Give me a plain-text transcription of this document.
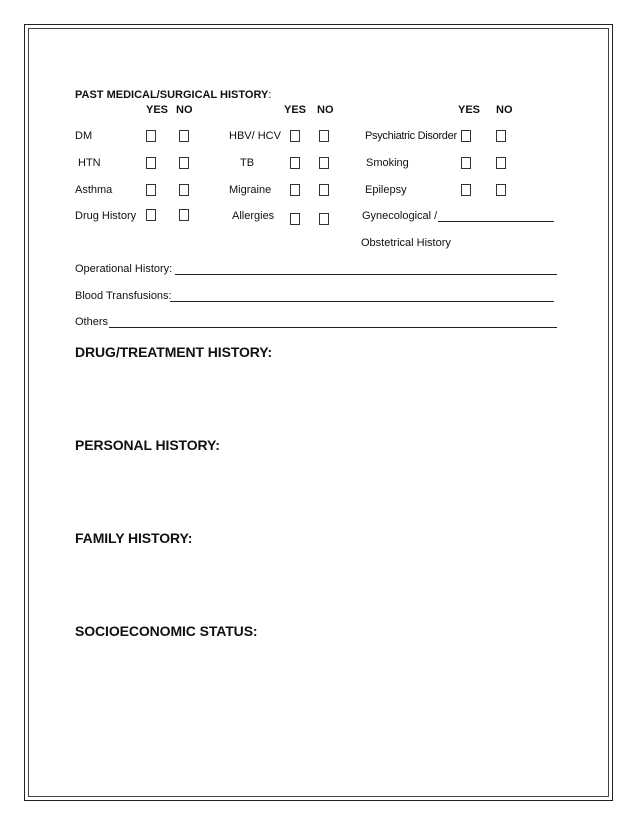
PAST MEDICAL/SURGICAL HISTORY:
YES NO	YES NO	YES NO
DM	HBV/ HCV	Psychiatric Disorder
HTN	TB	Smoking
Asthma	Migraine	Epilepsy
Drug History	Allergies	Gynecological /
Obstetrical History
Operational History:
Blood Transfusions:
Others
DRUG/TREATMENT HISTORY:
PERSONAL HISTORY:
FAMILY HISTORY:
SOCIOECONOMIC STATUS:
